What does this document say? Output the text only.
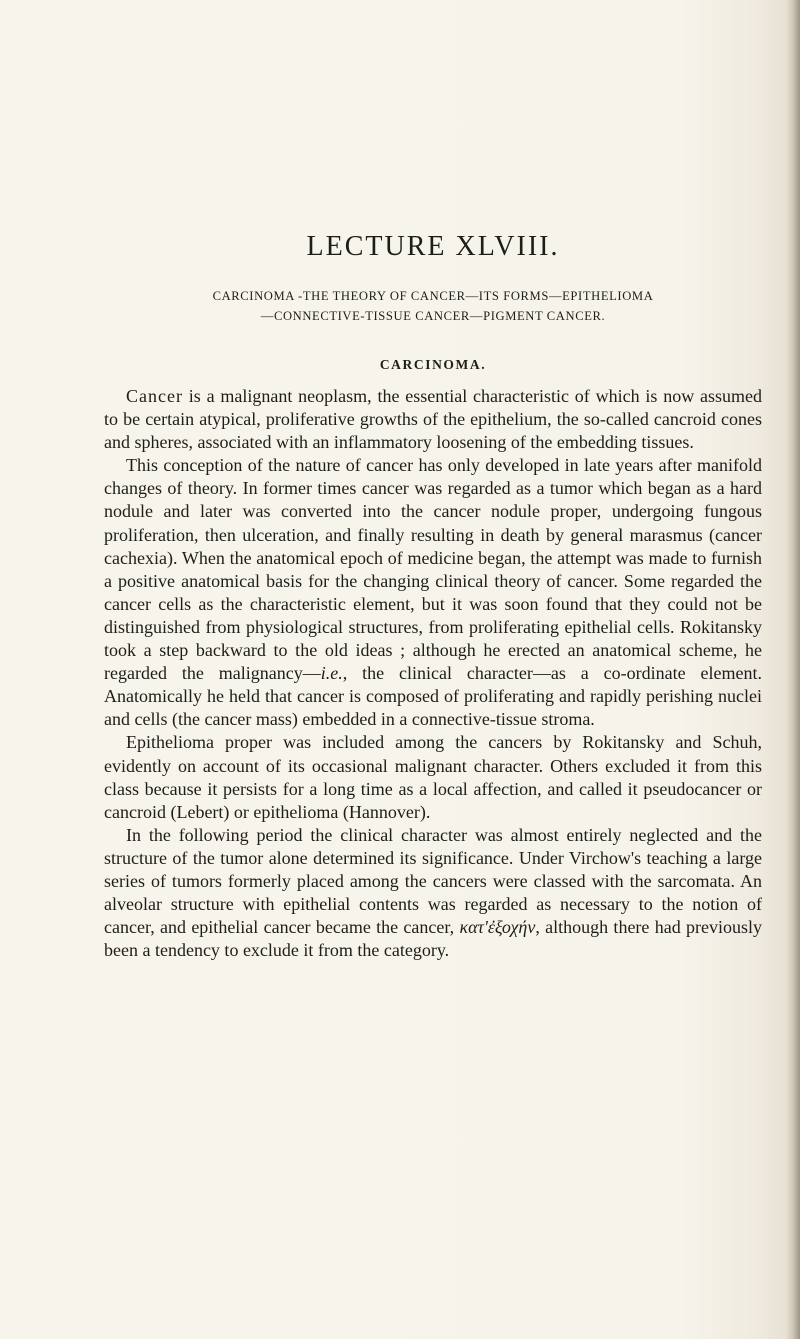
LECTURE XLVIII.

CARCINOMA -THE THEORY OF CANCER—ITS FORMS—EPITHELIOMA

—CONNECTIVE-TISSUE CANCER—PIGMENT CANCER.

CARCINOMA.
Cancer is a malignant neoplasm, the essential characteristic of which is now assumed to be certain atypical, proliferative growths of the epithelium, the so-called cancroid cones and spheres, associated with an inflammatory loosening of the embedding tissues.
This conception of the nature of cancer has only developed in late years after manifold changes of theory. In former times cancer was regarded as a tumor which began as a hard nodule and later was converted into the cancer nodule proper, undergoing fungous proliferation, then ulceration, and finally resulting in death by general marasmus (cancer cachexia). When the anatomical epoch of medicine began, the attempt was made to furnish a positive anatomical basis for the changing clinical theory of cancer. Some regarded the cancer cells as the characteristic element, but it was soon found that they could not be distinguished from physiological structures, from proliferating epithelial cells. Rokitansky took a step backward to the old ideas ; although he erected an anatomical scheme, he regarded the malignancy—i.e., the clinical character—as a co-ordinate element. Anatomically he held that cancer is composed of proliferating and rapidly perishing nuclei and cells (the cancer mass) embedded in a connective-tissue stroma.
Epithelioma proper was included among the cancers by Rokitansky and Schuh, evidently on account of its occasional malignant character. Others excluded it from this class because it persists for a long time as a local affection, and called it pseudocancer or cancroid (Lebert) or epithelioma (Hannover).
In the following period the clinical character was almost entirely neglected and the structure of the tumor alone determined its significance. Under Virchow's teaching a large series of tumors formerly placed among the cancers were classed with the sarcomata. An alveolar structure with epithelial contents was regarded as necessary to the notion of cancer, and epithelial cancer became the cancer, κατ'ἐξοχήν, although there had previously been a tendency to exclude it from the category.
